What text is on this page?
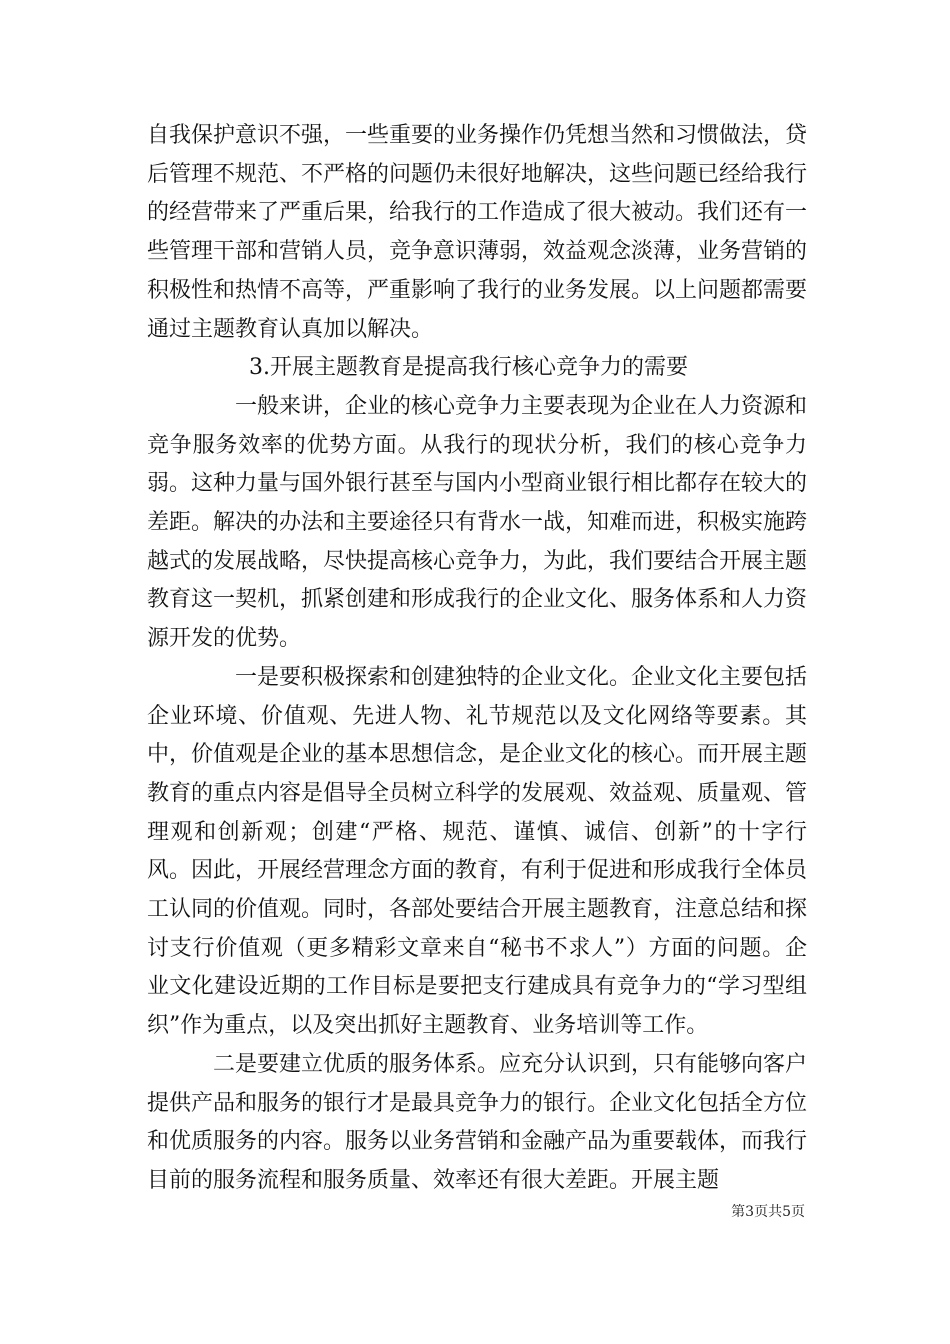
自我保护意识不强，一些重要的业务操作仍凭想当然和习惯做法，贷后管理不规范、不严格的问题仍未很好地解决，这些问题已经给我行的经营带来了严重后果，给我行的工作造成了很大被动。我们还有一些管理干部和营销人员，竞争意识薄弱，效益观念淡薄，业务营销的积极性和热情不高等，严重影响了我行的业务发展。以上问题都需要通过主题教育认真加以解决。

3.开展主题教育是提高我行核心竞争力的需要

一般来讲，企业的核心竞争力主要表现为企业在人力资源和竞争服务效率的优势方面。从我行的现状分析，我们的核心竞争力弱。这种力量与国外银行甚至与国内小型商业银行相比都存在较大的差距。解决的办法和主要途径只有背水一战，知难而进，积极实施跨越式的发展战略，尽快提高核心竞争力，为此，我们要结合开展主题教育这一契机，抓紧创建和形成我行的企业文化、服务体系和人力资源开发的优势。

一是要积极探索和创建独特的企业文化。企业文化主要包括企业环境、价值观、先进人物、礼节规范以及文化网络等要素。其中，价值观是企业的基本思想信念，是企业文化的核心。而开展主题教育的重点内容是倡导全员树立科学的发展观、效益观、质量观、管理观和创新观；创建“严格、规范、谨慎、诚信、创新”的十字行风。因此，开展经营理念方面的教育，有利于促进和形成我行全体员工认同的价值观。同时，各部处要结合开展主题教育，注意总结和探讨支行价值观（更多精彩文章来自“秘书不求人”）方面的问题。企业文化建设近期的工作目标是要把支行建成具有竞争力的“学习型组织”作为重点，以及突出抓好主题教育、业务培训等工作。

二是要建立优质的服务体系。应充分认识到，只有能够向客户提供产品和服务的银行才是最具竞争力的银行。企业文化包括全方位和优质服务的内容。服务以业务营销和金融产品为重要载体，而我行目前的服务流程和服务质量、效率还有很大差距。开展主题

第3页共5页
